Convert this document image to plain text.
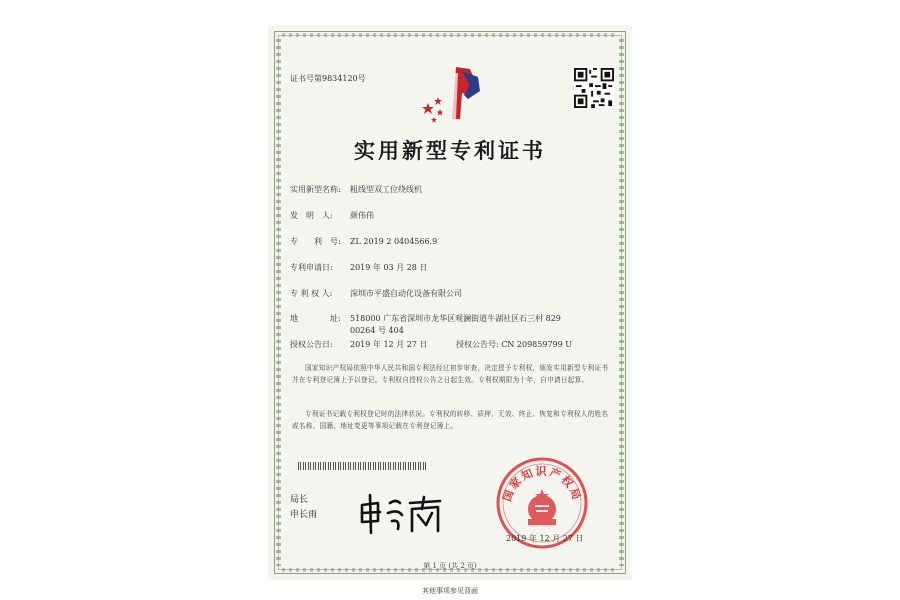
证书号第9834120号
实用新型专利证书
实用新型名称: 粗线型双工位绕线机
发　明　人: 颜伟伟
专　　利　号: ZL 2019 2 0404566.9
专利申请日: 2019 年 03 月 28 日
专 利 权 人: 深圳市平盛自动化设备有限公司
地　　　　址: 518000 广东省深圳市龙华区观澜街道牛湖社区石三村 829
00264 号 404
授权公告日: 2019 年 12 月 27 日	授权公告号: CN 209859799 U
国家知识产权局依照中华人民共和国专利法经过初步审查，决定授予专利权，颁发实用新型专利证书并在专利登记簿上予以登记。专利权自授权公告之日起生效。专利权期限为十年，自申请日起算。
专利证书记载专利权登记时的法律状况。专利权的转移、质押、无效、终止、恢复和专利权人的姓名或名称、国籍、地址变更等事项记载在专利登记簿上。
局长
申长雨
国家知识产权局
2019 年 12 月 27 日
第 1 页 (共 2 页)
其他事项参见背面
